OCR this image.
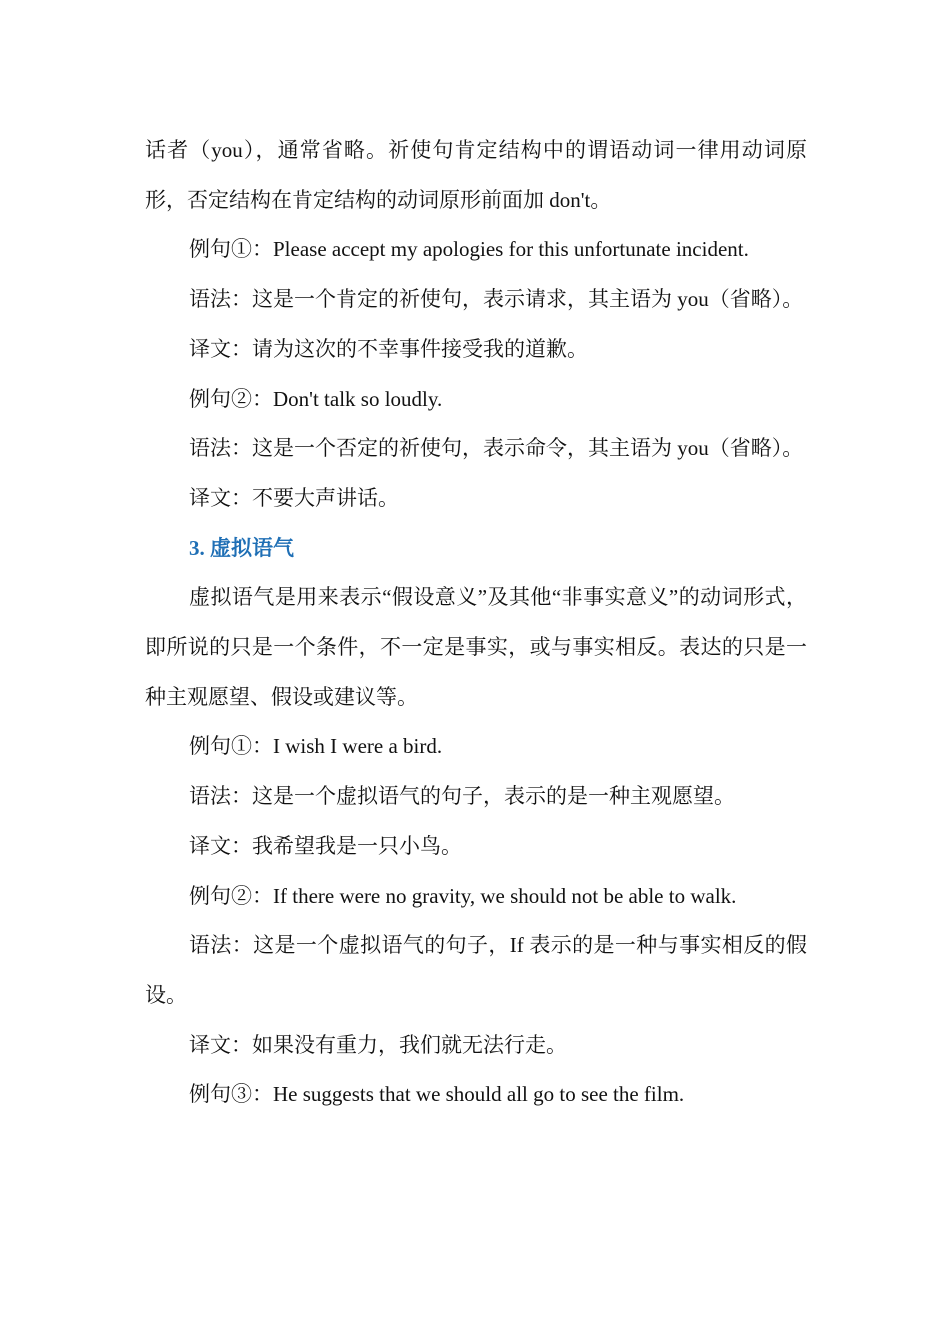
话者（you），通常省略。祈使句肯定结构中的谓语动词一律用动词原形，否定结构在肯定结构的动词原形前面加 don't。

例句①：Please accept my apologies for this unfortunate incident.

语法：这是一个肯定的祈使句，表示请求，其主语为 you（省略）。

译文：请为这次的不幸事件接受我的道歉。

例句②：Don't talk so loudly.

语法：这是一个否定的祈使句，表示命令，其主语为 you（省略）。

译文：不要大声讲话。

3. 虚拟语气

虚拟语气是用来表示“假设意义”及其他“非事实意义”的动词形式，即所说的只是一个条件，不一定是事实，或与事实相反。表达的只是一种主观愿望、假设或建议等。

例句①：I wish I were a bird.

语法：这是一个虚拟语气的句子，表示的是一种主观愿望。

译文：我希望我是一只小鸟。

例句②：If there were no gravity, we should not be able to walk.

语法：这是一个虚拟语气的句子，If 表示的是一种与事实相反的假设。

译文：如果没有重力，我们就无法行走。

例句③：He suggests that we should all go to see the film.
